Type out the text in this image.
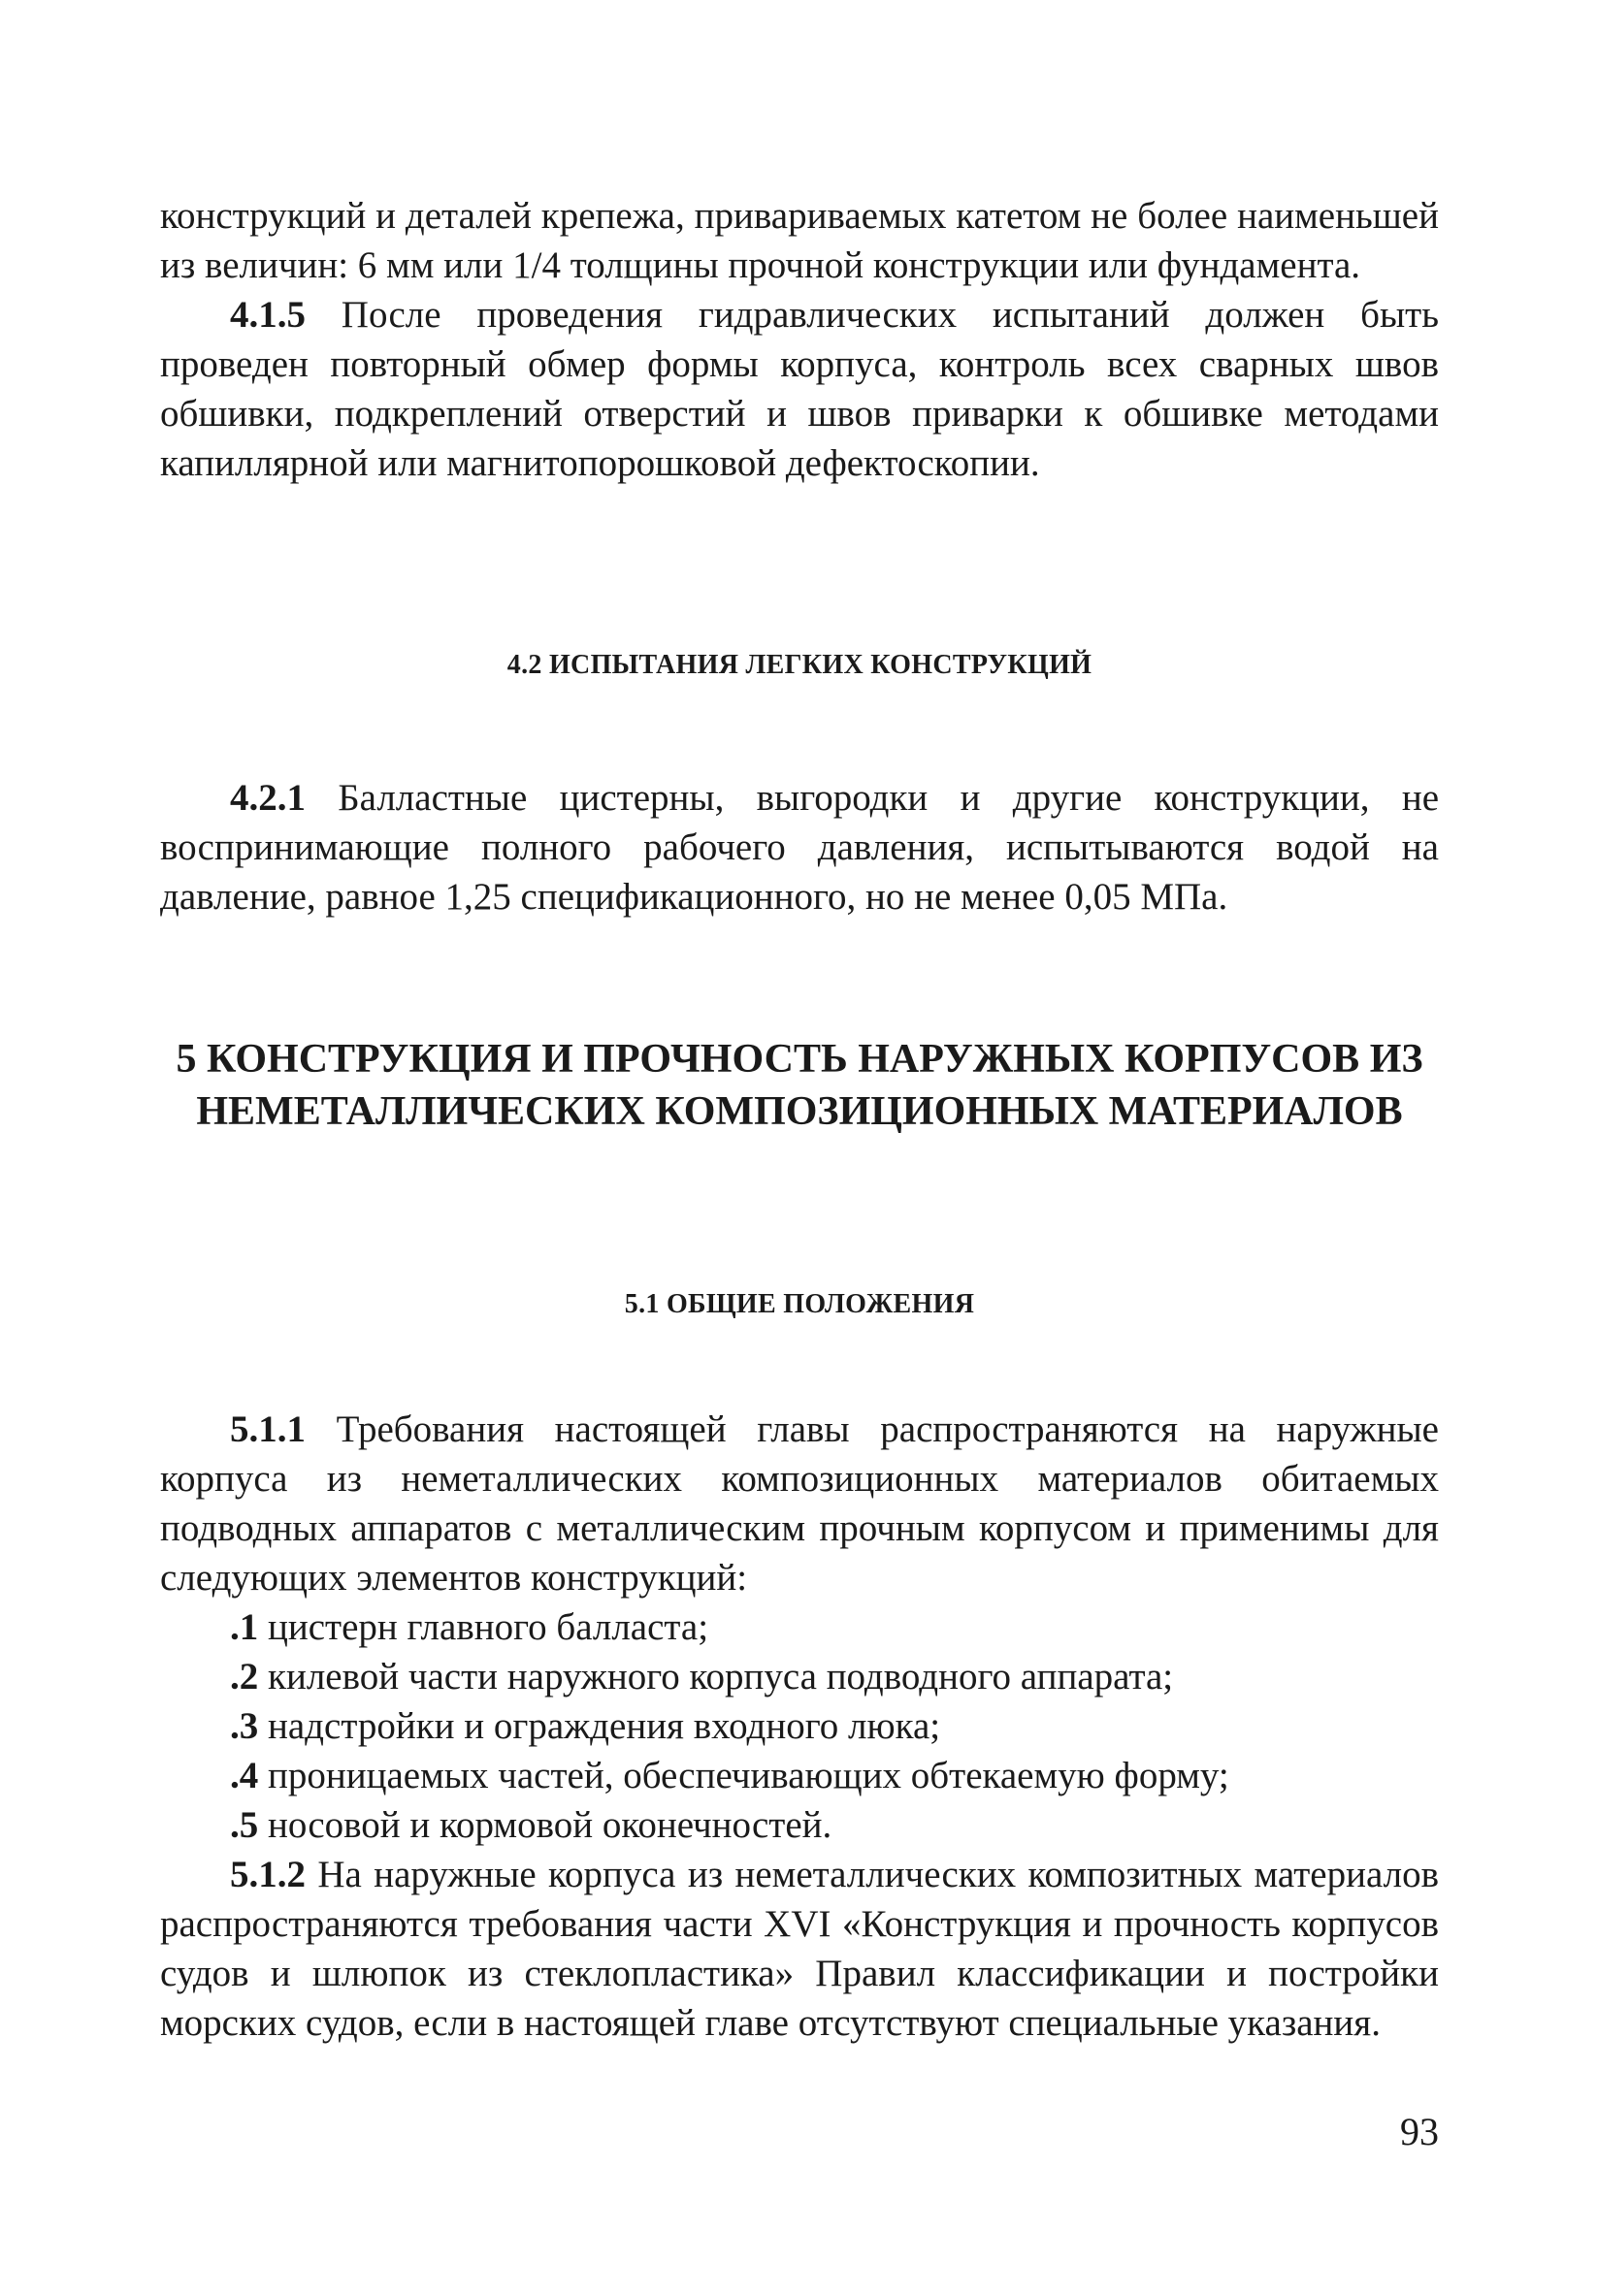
конструкций и деталей крепежа, привариваемых катетом не более наименьшей из величин: 6 мм или 1/4 толщины прочной конструкции или фундамента.

4.1.5 После проведения гидравлических испытаний должен быть проведен повторный обмер формы корпуса, контроль всех сварных швов обшивки, подкреплений отверстий и швов приварки к обшивке методами капиллярной или магнитопорошковой дефектоскопии.

4.2 ИСПЫТАНИЯ ЛЕГКИХ КОНСТРУКЦИЙ

4.2.1 Балластные цистерны, выгородки и другие конструкции, не воспринимающие полного рабочего давления, испытываются водой на давление, равное 1,25 спецификационного, но не менее 0,05 МПа.

5 КОНСТРУКЦИЯ И ПРОЧНОСТЬ НАРУЖНЫХ КОРПУСОВ ИЗ
НЕМЕТАЛЛИЧЕСКИХ КОМПОЗИЦИОННЫХ МАТЕРИАЛОВ

5.1 ОБЩИЕ ПОЛОЖЕНИЯ

5.1.1 Требования настоящей главы распространяются на наружные корпуса из неметаллических композиционных материалов обитаемых подводных аппаратов с металлическим прочным корпусом и применимы для следующих элементов конструкций:

.1 цистерн главного балласта;

.2 килевой части наружного корпуса подводного аппарата;

.3 надстройки и ограждения входного люка;

.4 проницаемых частей, обеспечивающих обтекаемую форму;

.5 носовой и кормовой оконечностей.

5.1.2 На наружные корпуса из неметаллических композитных материалов распространяются требования части XVI «Конструкция и прочность корпусов судов и шлюпок из стеклопластика» Правил классификации и постройки морских судов, если в настоящей главе отсутствуют специальные указания.

93
